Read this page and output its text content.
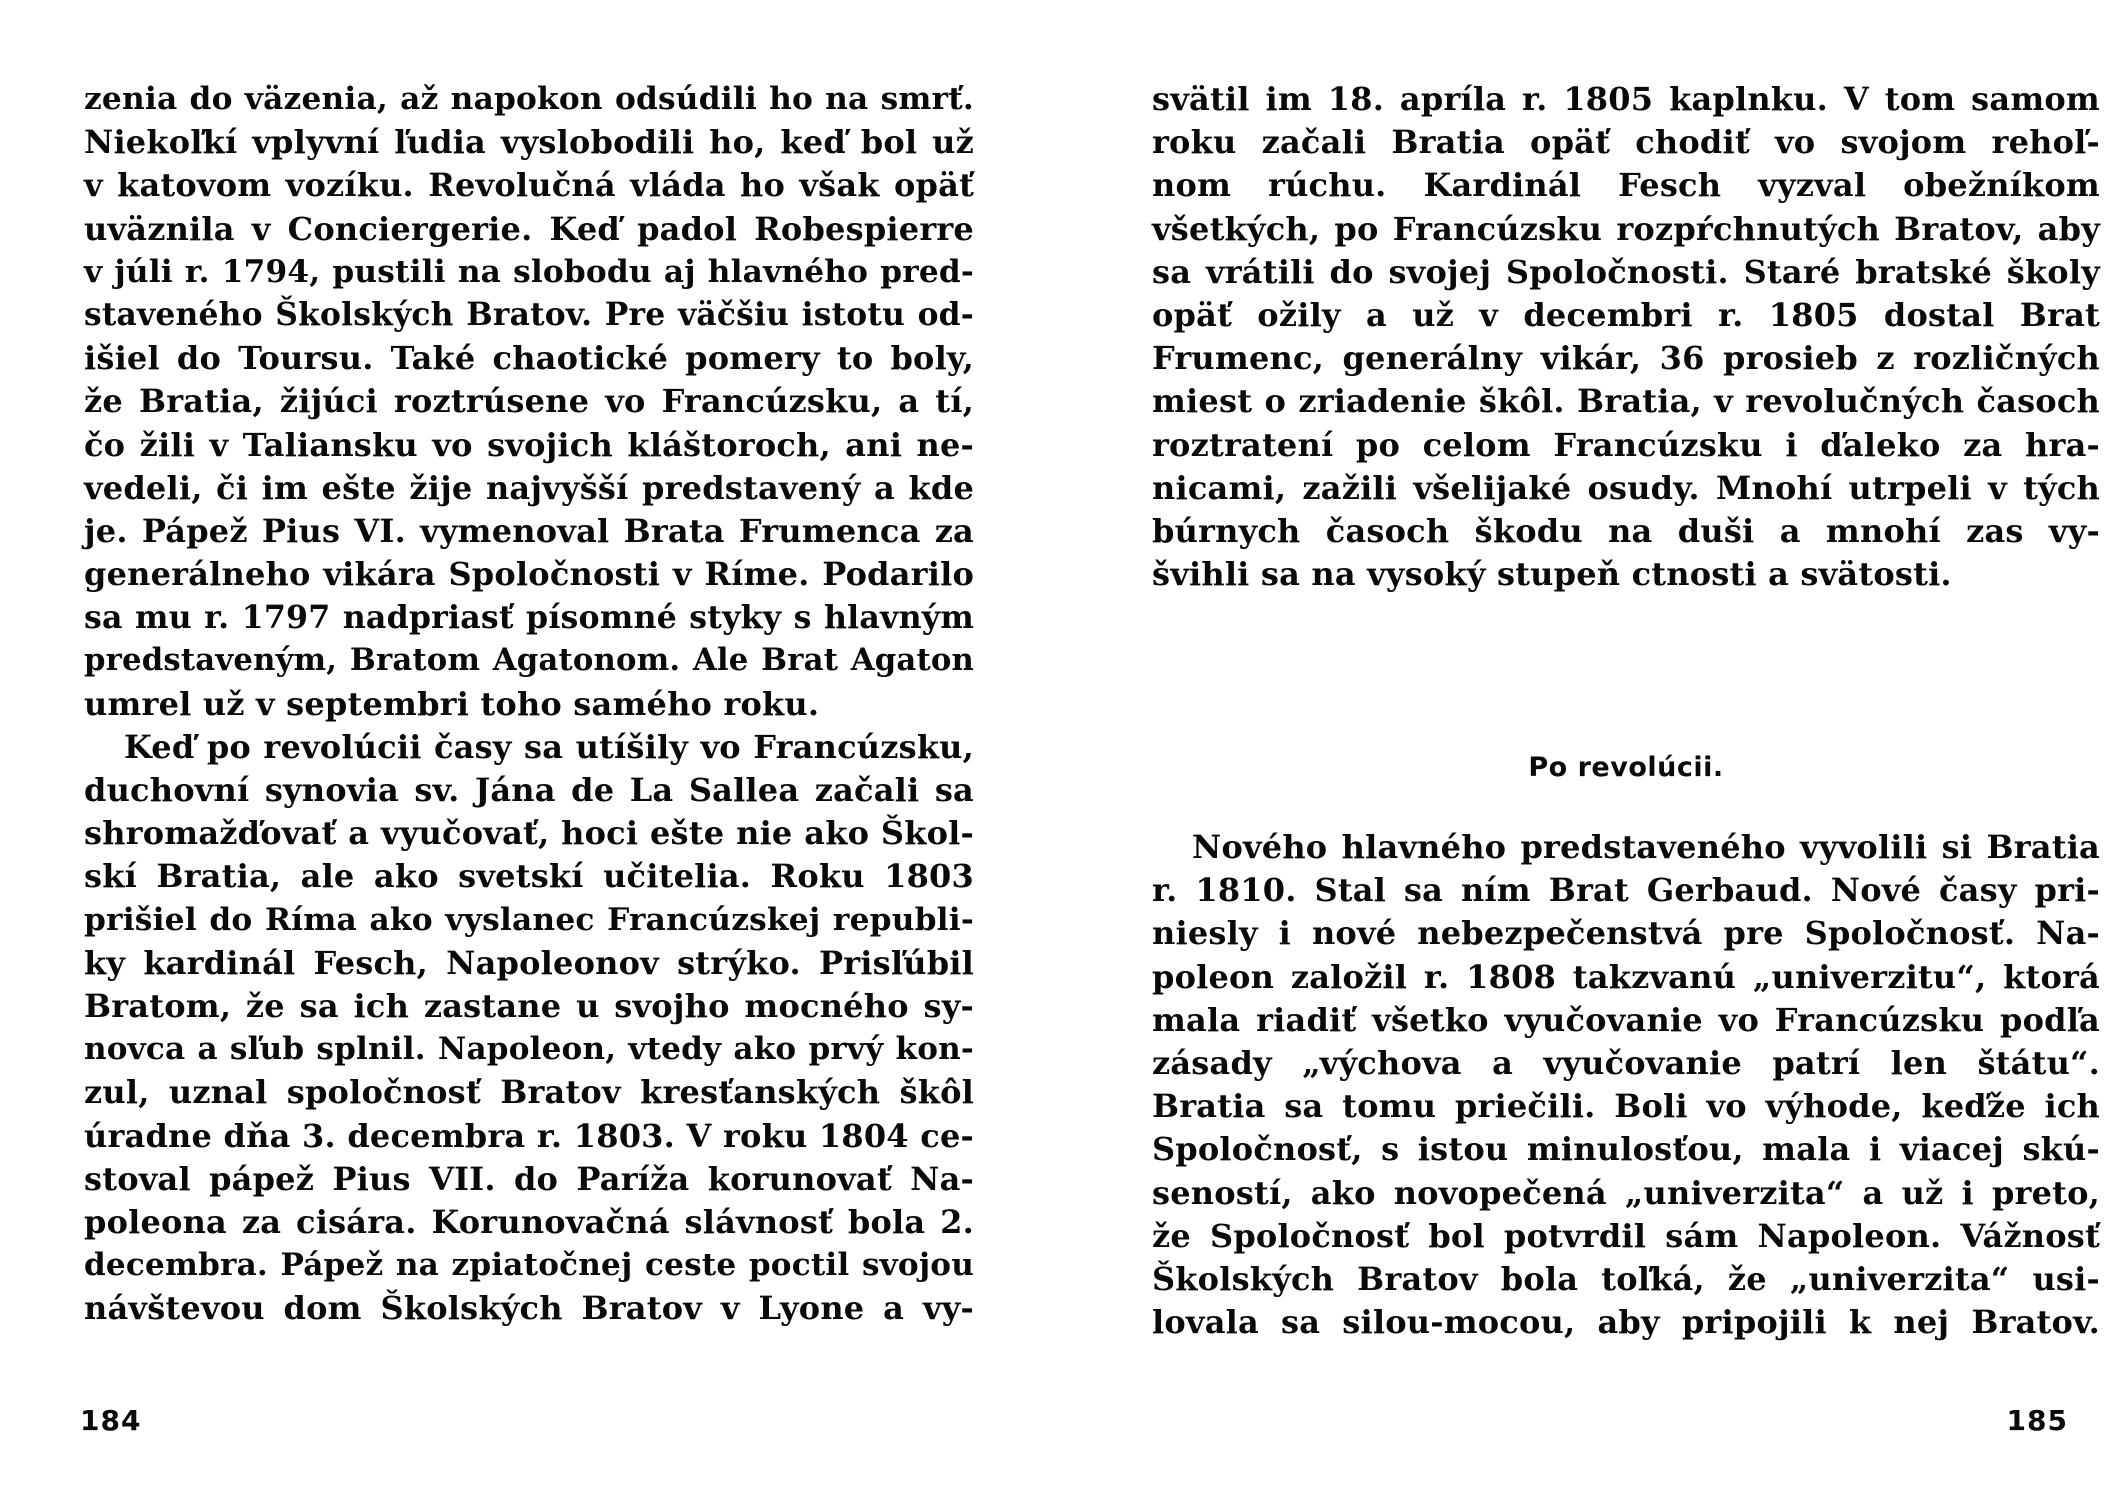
zenia do väzenia, až napokon odsúdili ho na smrť.
Niekoľkí vplyvní ľudia vyslobodili ho, keď bol už
v katovom vozíku. Revolučná vláda ho však opäť
uväznila v Conciergerie. Keď padol Robespierre
v júli r. 1794, pustili na slobodu aj hlavného pred-
staveného Školských Bratov. Pre väčšiu istotu od-
išiel do Toursu. Také chaotické pomery to boly,
že Bratia, žijúci roztrúsene vo Francúzsku, a tí,
čo žili v Taliansku vo svojich kláštoroch, ani ne-
vedeli, či im ešte žije najvyšší predstavený a kde
je. Pápež Pius VI. vymenoval Brata Frumenca za
generálneho vikára Spoločnosti v Ríme. Podarilo
sa mu r. 1797 nadpriasť písomné styky s hlavným
predstaveným, Bratom Agatonom. Ale Brat Agaton
umrel už v septembri toho samého roku.
Keď po revolúcii časy sa utíšily vo Francúzsku,
duchovní synovia sv. Jána de La Sallea začali sa
shromažďovať a vyučovať, hoci ešte nie ako Škol-
skí Bratia, ale ako svetskí učitelia. Roku 1803
prišiel do Ríma ako vyslanec Francúzskej republi-
ky kardinál Fesch, Napoleonov strýko. Prisľúbil
Bratom, že sa ich zastane u svojho mocného sy-
novca a sľub splnil. Napoleon, vtedy ako prvý kon-
zul, uznal spoločnosť Bratov kresťanských škôl
úradne dňa 3. decembra r. 1803. V roku 1804 ce-
stoval pápež Pius VII. do Paríža korunovať Na-
poleona za cisára. Korunovačná slávnosť bola 2.
decembra. Pápež na zpiatočnej ceste poctil svojou
návštevou dom Školských Bratov v Lyone a vy-
184
svätil im 18. apríla r. 1805 kaplnku. V tom samom
roku začali Bratia opäť chodiť vo svojom rehoľ-
nom rúchu. Kardinál Fesch vyzval obežníkom
všetkých, po Francúzsku rozpŕchnutých Bratov, aby
sa vrátili do svojej Spoločnosti. Staré bratské školy
opäť ožily a už v decembri r. 1805 dostal Brat
Frumenc, generálny vikár, 36 prosieb z rozličných
miest o zriadenie škôl. Bratia, v revolučných časoch
roztratení po celom Francúzsku i ďaleko za hra-
nicami, zažili všelijaké osudy. Mnohí utrpeli v tých
búrnych časoch škodu na duši a mnohí zas vy-
švihli sa na vysoký stupeň ctnosti a svätosti.
Po revolúcii.
Nového hlavného predstaveného vyvolili si Bratia
r. 1810. Stal sa ním Brat Gerbaud. Nové časy pri-
niesly i nové nebezpečenstvá pre Spoločnosť. Na-
poleon založil r. 1808 takzvanú „univerzitu“, ktorá
mala riadiť všetko vyučovanie vo Francúzsku podľa
zásady „výchova a vyučovanie patrí len štátu“.
Bratia sa tomu priečili. Boli vo výhode, keďže ich
Spoločnosť, s istou minulosťou, mala i viacej skú-
seností, ako novopečená „univerzita“ a už i preto,
že Spoločnosť bol potvrdil sám Napoleon. Vážnosť
Školských Bratov bola toľká, že „univerzita“ usi-
lovala sa silou-mocou, aby pripojili k nej Bratov.
185
